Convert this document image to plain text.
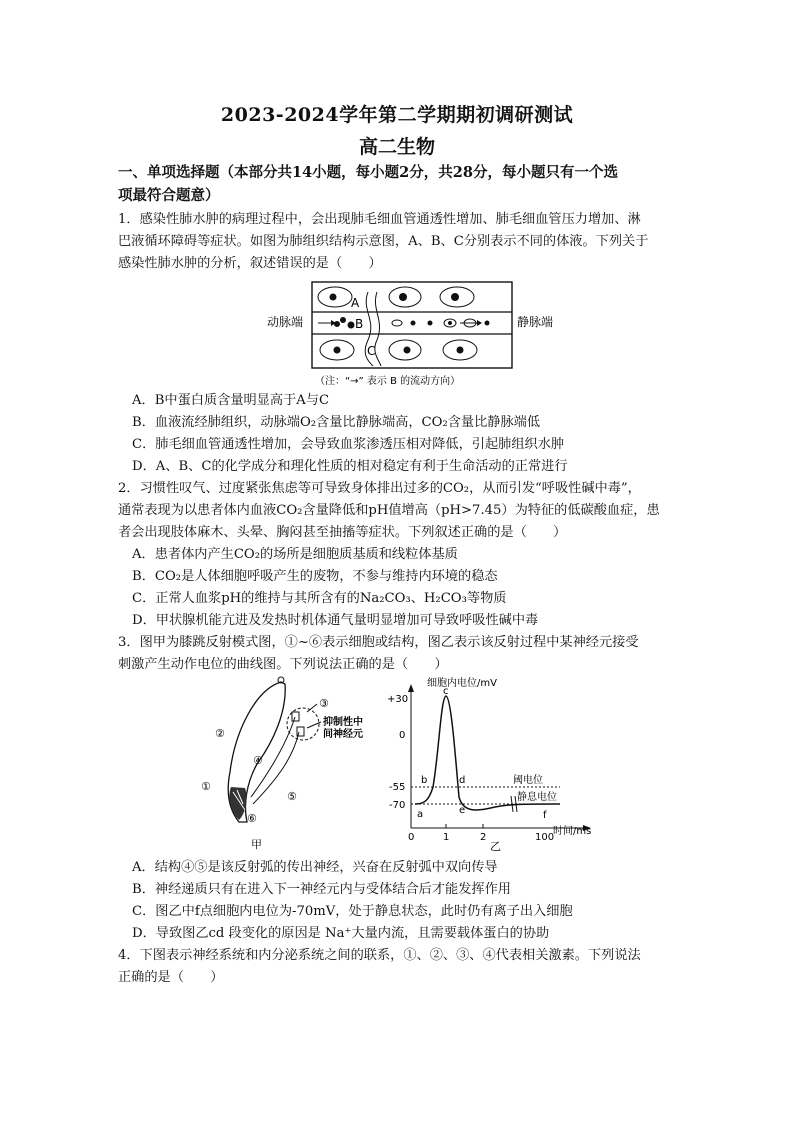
2023-2024学年第二学期期初调研测试
高二生物
一、单项选择题（本部分共14小题，每小题2分，共28分，每小题只有一个选
项最符合题意）
1．感染性肺水肿的病理过程中，会出现肺毛细血管通透性增加、肺毛细血管压力增加、淋
巴液循环障碍等症状。如图为肺组织结构示意图，A、B、C分别表示不同的体液。下列关于
感染性肺水肿的分析，叙述错误的是（　　）
A
B
C
动脉端	静脉端
（注：“→” 表示 B 的流动方向）
A．B中蛋白质含量明显高于A与C
B．血液流经肺组织，动脉端O₂含量比静脉端高，CO₂含量比静脉端低
C．肺毛细血管通透性增加，会导致血浆渗透压相对降低，引起肺组织水肿
D．A、B、C的化学成分和理化性质的相对稳定有利于生命活动的正常进行
2．习惯性叹气、过度紧张焦虑等可导致身体排出过多的CO₂，从而引发“呼吸性碱中毒”，
通常表现为以患者体内血液CO₂含量降低和pH值增高（pH>7.45）为特征的低碳酸血症，患
者会出现肢体麻木、头晕、胸闷甚至抽搐等症状。下列叙述正确的是（　　）
A．患者体内产生CO₂的场所是细胞质基质和线粒体基质
B．CO₂是人体细胞呼吸产生的废物，不参与维持内环境的稳态
C．正常人血浆pH的维持与其所含有的Na₂CO₃、H₂CO₃等物质
D．甲状腺机能亢进及发热时机体通气量明显增加可导致呼吸性碱中毒
3．图甲为膝跳反射模式图，①~⑥表示细胞或结构，图乙表示该反射过程中某神经元接受
刺激产生动作电位的曲线图。下列说法正确的是（　　）
③
抑制性中
间神经元
②
④
⑤
①
⑥
甲
细胞内电位/mV
+30
0
-55
-70
阈电位
静息电位
a
b
c
d
e	f
0	1	2	100
时间/ms
乙
A．结构④⑤是该反射弧的传出神经，兴奋在反射弧中双向传导
B．神经递质只有在进入下一神经元内与受体结合后才能发挥作用
C．图乙中f点细胞内电位为-70mV，处于静息状态，此时仍有离子出入细胞
D．导致图乙cd 段变化的原因是 Na⁺大量内流，且需要载体蛋白的协助
4．下图表示神经系统和内分泌系统之间的联系，①、②、③、④代表相关激素。下列说法
正确的是（　　）
